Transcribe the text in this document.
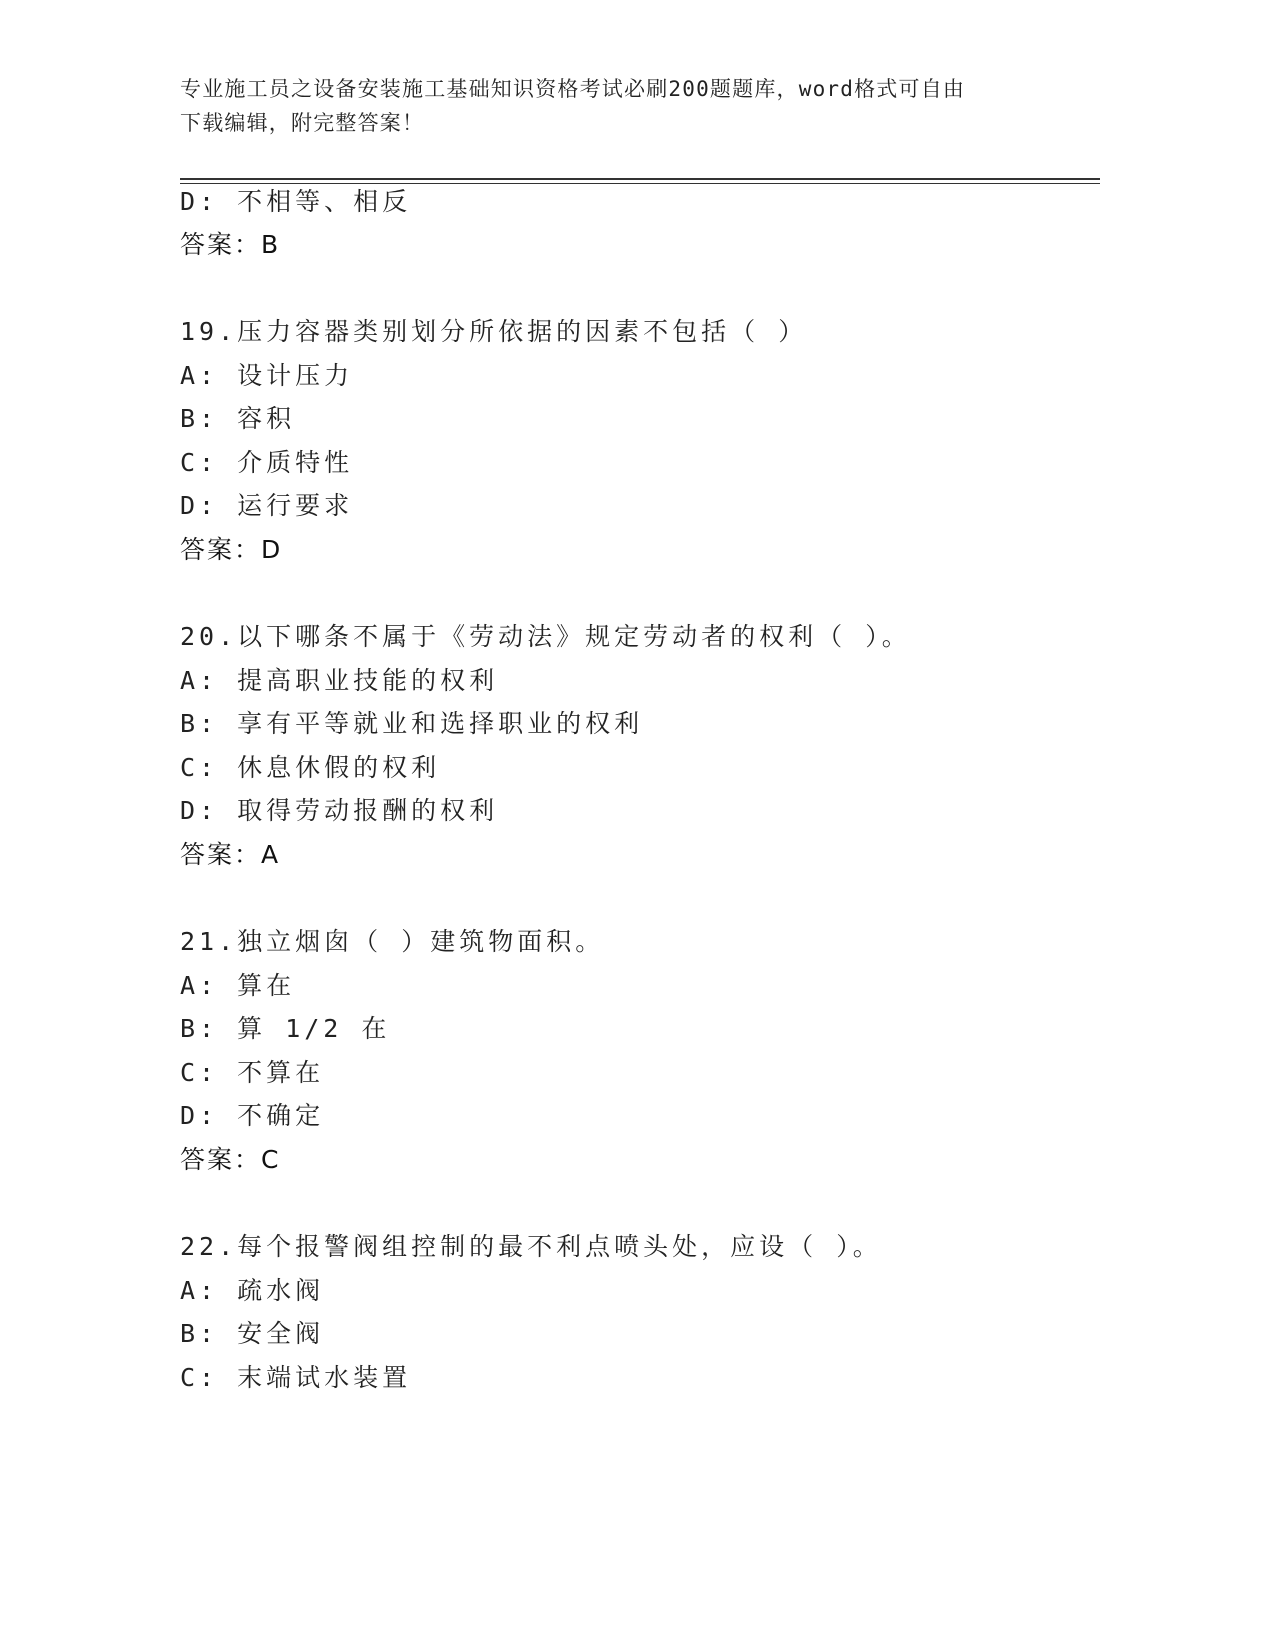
专业施工员之设备安装施工基础知识资格考试必刷200题题库，word格式可自由
下载编辑，附完整答案！
D: 不相等、相反
答案：B
19.压力容器类别划分所依据的因素不包括（ ）
A: 设计压力
B: 容积
C: 介质特性
D: 运行要求
答案：D
20.以下哪条不属于《劳动法》规定劳动者的权利（ ）。
A: 提高职业技能的权利
B: 享有平等就业和选择职业的权利
C: 休息休假的权利
D: 取得劳动报酬的权利
答案：A
21.独立烟囱（ ）建筑物面积。
A: 算在
B: 算 1/2 在
C: 不算在
D: 不确定
答案：C
22.每个报警阀组控制的最不利点喷头处，应设（ ）。
A: 疏水阀
B: 安全阀
C: 末端试水装置
